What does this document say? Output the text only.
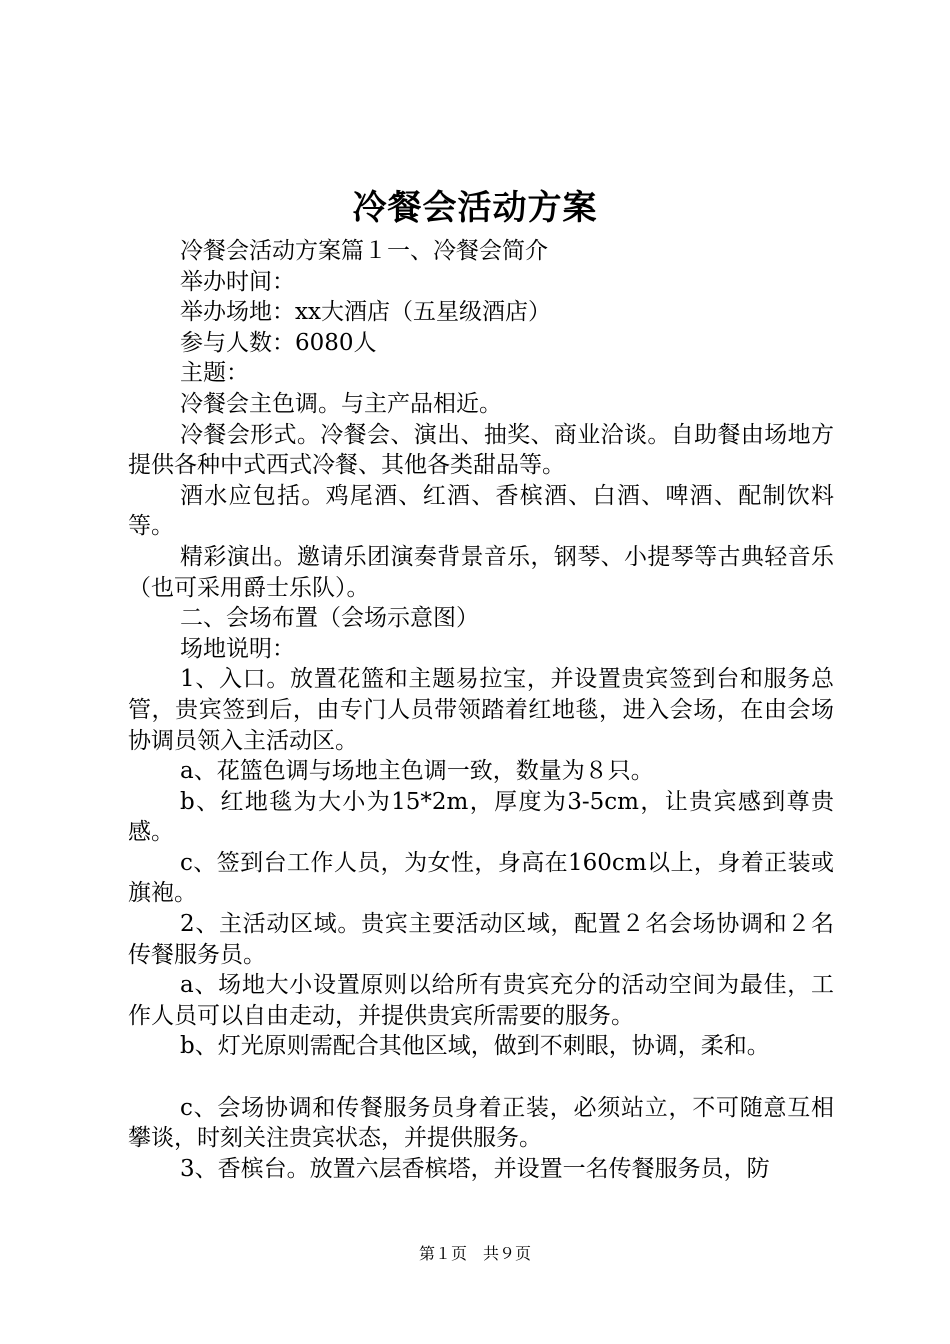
冷餐会活动方案

冷餐会活动方案篇１一、冷餐会简介

举办时间：

举办场地：xx大酒店（五星级酒店）

参与人数：6080人

主题：

冷餐会主色调。与主产品相近。

冷餐会形式。冷餐会、演出、抽奖、商业洽谈。自助餐由场地方提供各种中式西式冷餐、其他各类甜品等。

酒水应包括。鸡尾酒、红酒、香槟酒、白酒、啤酒、配制饮料等。

精彩演出。邀请乐团演奏背景音乐，钢琴、小提琴等古典轻音乐（也可采用爵士乐队）。

二、会场布置（会场示意图）

场地说明：

1、入口。放置花篮和主题易拉宝，并设置贵宾签到台和服务总管，贵宾签到后，由专门人员带领踏着红地毯，进入会场，在由会场协调员领入主活动区。

a、花篮色调与场地主色调一致，数量为８只。

b、红地毯为大小为15*2m，厚度为3-5cm，让贵宾感到尊贵感。

c、签到台工作人员，为女性，身高在160cm以上，身着正装或旗袍。

2、主活动区域。贵宾主要活动区域，配置２名会场协调和２名传餐服务员。

a、场地大小设置原则以给所有贵宾充分的活动空间为最佳，工作人员可以自由走动，并提供贵宾所需要的服务。

b、灯光原则需配合其他区域，做到不刺眼，协调，柔和。

c、会场协调和传餐服务员身着正装，必须站立，不可随意互相攀谈，时刻关注贵宾状态，并提供服务。

3、香槟台。放置六层香槟塔，并设置一名传餐服务员，防

第１页　共９页
